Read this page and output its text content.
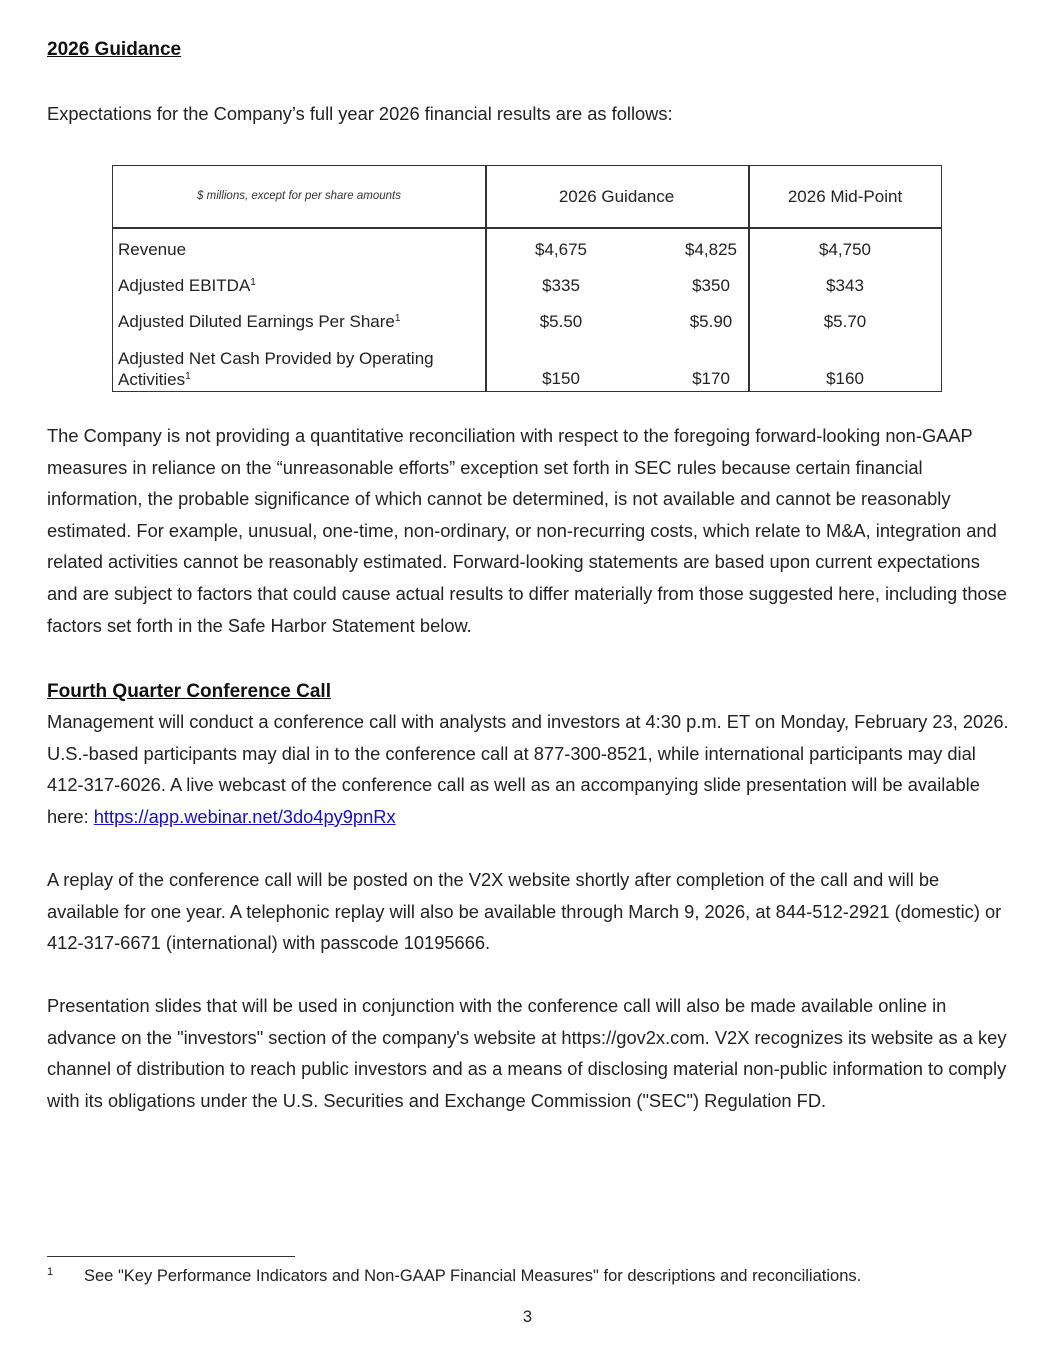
2026 Guidance
Expectations for the Company’s full year 2026 financial results are as follows:
$ millions, except for per share amounts	2026 Guidance	2026 Mid-Point
Revenue	$4,675	$4,825	$4,750
Adjusted EBITDA$^1$	$335	$350	$343
Adjusted Diluted Earnings Per Share$^1$	$5.50	$5.90	$5.70
Adjusted Net Cash Provided by Operating
Activities$^1$	$150	$170	$160
The Company is not providing a quantitative reconciliation with respect to the foregoing forward-looking non-GAAP measures in reliance on the “unreasonable efforts” exception set forth in SEC rules because certain financial information, the probable significance of which cannot be determined, is not available and cannot be reasonably estimated. For example, unusual, one-time, non-ordinary, or non-recurring costs, which relate to M&A, integration and related activities cannot be reasonably estimated. Forward-looking statements are based upon current expectations and are subject to factors that could cause actual results to differ materially from those suggested here, including those factors set forth in the Safe Harbor Statement below.
Fourth Quarter Conference Call
Management will conduct a conference call with analysts and investors at 4:30 p.m. ET on Monday, February 23, 2026. U.S.-based participants may dial in to the conference call at 877-300-8521, while international participants may dial 412-317-6026. A live webcast of the conference call as well as an accompanying slide presentation will be available here: https://app.webinar.net/3do4py9pnRx
A replay of the conference call will be posted on the V2X website shortly after completion of the call and will be available for one year. A telephonic replay will also be available through March 9, 2026, at 844-512-2921 (domestic) or 412-317-6671 (international) with passcode 10195666.
Presentation slides that will be used in conjunction with the conference call will also be made available online in advance on the "investors" section of the company's website at https://gov2x.com. V2X recognizes its website as a key channel of distribution to reach public investors and as a means of disclosing material non-public information to comply with its obligations under the U.S. Securities and Exchange Commission ("SEC") Regulation FD.
1 See "Key Performance Indicators and Non-GAAP Financial Measures" for descriptions and reconciliations.
3
